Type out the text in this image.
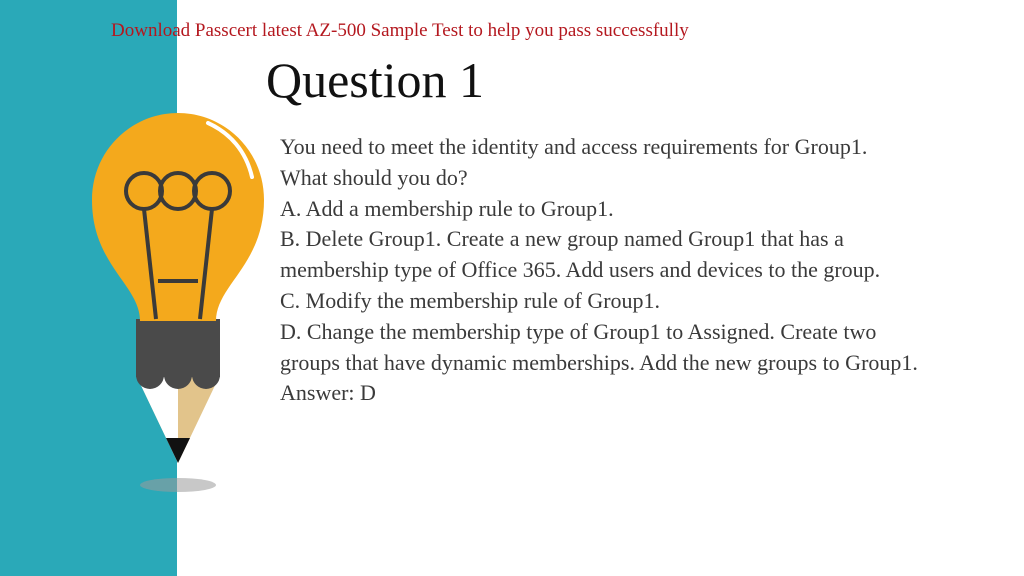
Download Passcert latest AZ-500 Sample Test to help you pass successfully
Question 1
You need to meet the identity and access requirements for Group1.
What should you do?
A. Add a membership rule to Group1.
B. Delete Group1. Create a new group named Group1 that has a
membership type of Office 365. Add users and devices to the group.
C. Modify the membership rule of Group1.
D. Change the membership type of Group1 to Assigned. Create two
groups that have dynamic memberships. Add the new groups to Group1.
Answer: D
